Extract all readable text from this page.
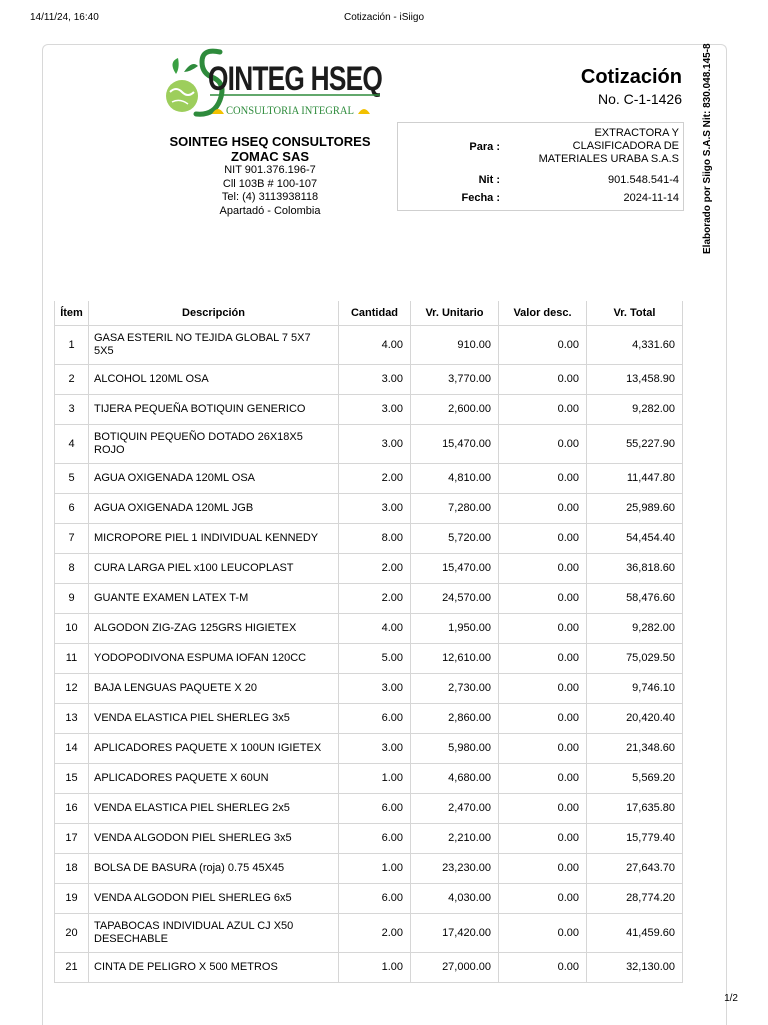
14/11/24, 16:40	Cotización - iSiigo
OINTEG HSEQ
CONSULTORIA INTEGRAL
SOINTEG HSEQ CONSULTORES
ZOMAC SAS
NIT 901.376.196-7
Cll 103B # 100-107
Tel: (4) 3113938118
Apartadó - Colombia
Cotización
No. C-1-1426
Para :
EXTRACTORA Y
CLASIFICADORA DE
MATERIALES URABA S.A.S
Nit :	901.548.541-4
Fecha :	2024-11-14 Elaborado por Siigo S.A.S Nit: 830.048.145-8
Ítem	Descripción	Cantidad	Vr. Unitario	Valor desc.	Vr. Total
1	GASA ESTERIL NO TEJIDA GLOBAL 7 5X7 5X5	4.00	910.00	0.00	4,331.60
2	ALCOHOL 120ML OSA	3.00	3,770.00	0.00	13,458.90
3	TIJERA PEQUEÑA BOTIQUIN GENERICO	3.00	2,600.00	0.00	9,282.00
4	BOTIQUIN PEQUEÑO DOTADO 26X18X5 ROJO	3.00	15,470.00	0.00	55,227.90
5	AGUA OXIGENADA 120ML OSA	2.00	4,810.00	0.00	11,447.80
6	AGUA OXIGENADA 120ML JGB	3.00	7,280.00	0.00	25,989.60
7	MICROPORE PIEL 1 INDIVIDUAL KENNEDY	8.00	5,720.00	0.00	54,454.40
8	CURA LARGA PIEL x100 LEUCOPLAST	2.00	15,470.00	0.00	36,818.60
9	GUANTE EXAMEN LATEX T-M	2.00	24,570.00	0.00	58,476.60
10	ALGODON ZIG-ZAG 125GRS HIGIETEX	4.00	1,950.00	0.00	9,282.00
11	YODOPODIVONA ESPUMA IOFAN 120CC	5.00	12,610.00	0.00	75,029.50
12	BAJA LENGUAS PAQUETE X 20	3.00	2,730.00	0.00	9,746.10
13	VENDA ELASTICA PIEL SHERLEG 3x5	6.00	2,860.00	0.00	20,420.40
14	APLICADORES PAQUETE X 100UN IGIETEX	3.00	5,980.00	0.00	21,348.60
15	APLICADORES PAQUETE X 60UN	1.00	4,680.00	0.00	5,569.20
16	VENDA ELASTICA PIEL SHERLEG 2x5	6.00	2,470.00	0.00	17,635.80
17	VENDA ALGODON PIEL SHERLEG 3x5	6.00	2,210.00	0.00	15,779.40
18	BOLSA DE BASURA (roja) 0.75 45X45	1.00	23,230.00	0.00	27,643.70
19	VENDA ALGODON PIEL SHERLEG 6x5	6.00	4,030.00	0.00	28,774.20
20	TAPABOCAS INDIVIDUAL AZUL CJ X50 DESECHABLE	2.00	17,420.00	0.00	41,459.60
21	CINTA DE PELIGRO X 500 METROS	1.00	27,000.00	0.00	32,130.00
1/2
